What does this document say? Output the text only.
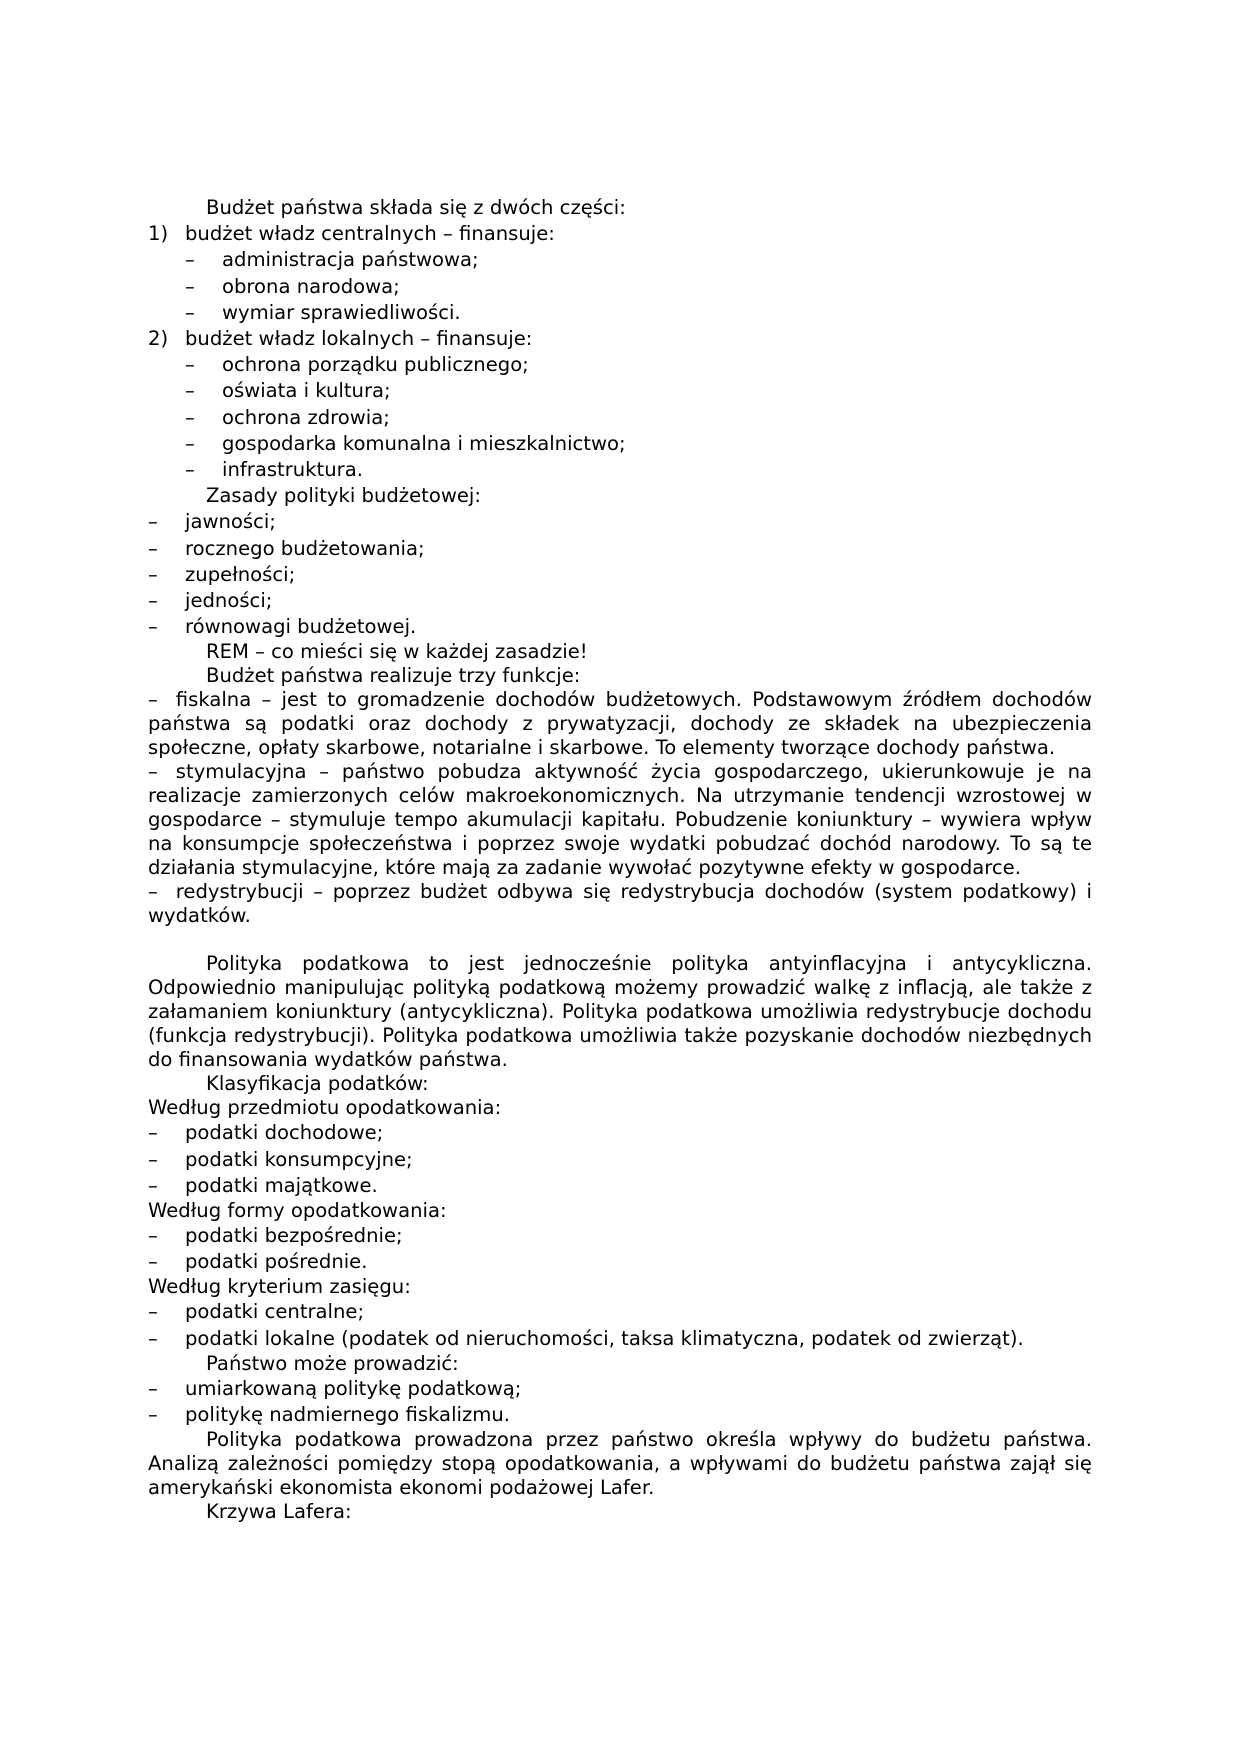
Budżet państwa składa się z dwóch części:

1) budżet władz centralnych – finansuje:
–	administracja państwowa;
–	obrona narodowa;
–	wymiar sprawiedliwości.
2) budżet władz lokalnych – finansuje:
–	ochrona porządku publicznego;
–	oświata i kultura;
–	ochrona zdrowia;
–	gospodarka komunalna i mieszkalnictwo;
–	infrastruktura.

Zasady polityki budżetowej:

–	jawności;
–	rocznego budżetowania;
–	zupełności;
–	jedności;
–	równowagi budżetowej.

REM – co mieści się w każdej zasadzie!

Budżet państwa realizuje trzy funkcje:

– fiskalna – jest to gromadzenie dochodów budżetowych. Podstawowym źródłem dochodów państwa są podatki oraz dochody z prywatyzacji, dochody ze składek na ubezpieczenia społeczne, opłaty skarbowe, notarialne i skarbowe. To elementy tworzące dochody państwa.

– stymulacyjna – państwo pobudza aktywność życia gospodarczego, ukierunkowuje je na realizacje zamierzonych celów makroekonomicznych. Na utrzymanie tendencji wzrostowej w gospodarce – stymuluje tempo akumulacji kapitału. Pobudzenie koniunktury – wywiera wpływ na konsumpcje społeczeństwa i poprzez swoje wydatki pobudzać dochód narodowy. To są te działania stymulacyjne, które mają za zadanie wywołać pozytywne efekty w gospodarce.

– redystrybucji – poprzez budżet odbywa się redystrybucja dochodów (system podatkowy) i wydatków.

Polityka podatkowa to jest jednocześnie polityka antyinflacyjna i antycykliczna. Odpowiednio manipulując polityką podatkową możemy prowadzić walkę z inflacją, ale także z załamaniem koniunktury (antycykliczna). Polityka podatkowa umożliwia redystrybucje dochodu (funkcja redystrybucji). Polityka podatkowa umożliwia także pozyskanie dochodów niezbędnych do finansowania wydatków państwa.

Klasyfikacja podatków:

Według przedmiotu opodatkowania:

–	podatki dochodowe;
–	podatki konsumpcyjne;
–	podatki majątkowe.

Według formy opodatkowania:

–	podatki bezpośrednie;
–	podatki pośrednie.

Według kryterium zasięgu:

–	podatki centralne;
–	podatki lokalne (podatek od nieruchomości, taksa klimatyczna, podatek od zwierząt).

Państwo może prowadzić:

–	umiarkowaną politykę podatkową;
–	politykę nadmiernego fiskalizmu.

Polityka podatkowa prowadzona przez państwo określa wpływy do budżetu państwa. Analizą zależności pomiędzy stopą opodatkowania, a wpływami do budżetu państwa zajął się amerykański ekonomista ekonomi podażowej Lafer.

Krzywa Lafera:
